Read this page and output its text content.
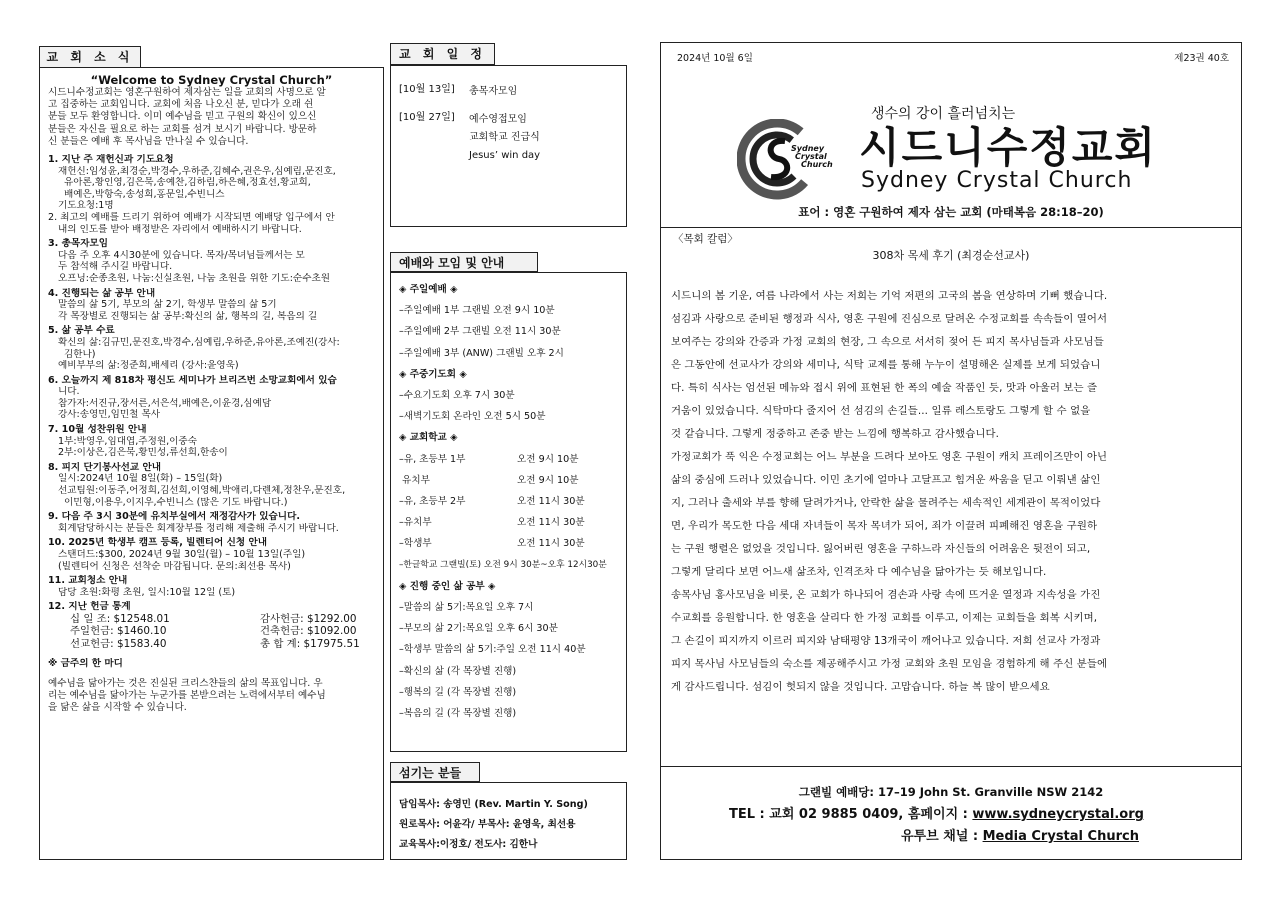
교 회 소 식
“Welcome to Sydney Crystal Church”
시드니수정교회는 영혼구원하여 제자삼는 일을 교회의 사명으로 알
고 집중하는 교회입니다. 교회에 처음 나오신 분, 믿다가 오래 쉰
분들 모두 환영합니다. 이미 예수님을 믿고 구원의 확신이 있으신
분들은 자신을 필요로 하는 교회를 섬겨 보시기 바랍니다. 방문하
신 분들은 예배 후 목사님을 만나실 수 있습니다.
1. 지난 주 재헌신과 기도요청
재헌신:임성윤,최경순,박경수,우하준,김혜수,권은우,심예림,문진호,
유아론,황인영,김은묵,송예찬,김하림,하은혜,정효선,황교희,
배예은,박항숙,송성희,홍문일,수빈니스
기도요청:1명
2. 최고의 예배를 드리기 위하여 예배가 시작되면 예배당 입구에서 안
내의 인도를 받아 배정받은 자리에서 예배하시기 바랍니다.
3. 총목자모임
다음 주 오후 4시30분에 있습니다. 목자/목녀님들께서는 모
두 참석해 주시길 바랍니다.
오프닝:순종초원, 나눔:신실초원, 나눔 초원을 위한 기도:순수초원
4. 진행되는 삶 공부 안내
말씀의 삶 5기, 부모의 삶 2기, 학생부 말씀의 삶 5기
각 목장별로 진행되는 삶 공부:확신의 삶, 행복의 길, 복음의 길
5. 삶 공부 수료
확신의 삶:김규민,문진호,박경수,심예림,우하준,유아론,조예진(강사:
김한나)
예비부부의 삶:정준희,배세리 (강사:윤영욱)
6. 오늘까지 제 818차 평신도 세미나가 브리즈번 소망교회에서 있습
니다.
참가자:서진규,장서른,서은석,배예은,이윤경,심예담
강사:송영민,임민철 목사
7. 10월 성찬위원 안내
1부:박영우,임대엽,주정원,이중숙
2부:이상은,김은묵,황민성,류선희,한송이
8. 피지 단기봉사선교 안내
일시:2024년 10월 8일(화) – 15일(화)
선교팀원:이동주,어정희,김선희,이영혜,박애리,다렌체,정찬우,문진호,
이민형,이용우,이지우,수빈니스 (많은 기도 바랍니다.)
9. 다음 주 3시 30분에 유치부실에서 재정감사가 있습니다.
회계담당하시는 분들은 회계장부를 정리해 제출해 주시기 바랍니다.
10. 2025년 학생부 캠프 등록, 빌렌티어 신청 안내
스탠더드:$300, 2024년 9월 30일(월) – 10월 13일(주일)
(빌렌티어 신청은 선착순 마감됩니다. 문의:최선용 목사)
11. 교회청소 안내
담당 초원:화평 초원, 일시:10월 12일 (토)
12. 지난 헌금 통계
십 일 조: $12548.01	감사헌금: $1292.00
주일헌금: $1460.10	건축헌금: $1092.00
선교헌금: $1583.40	총 합 계: $17975.51
※ 금주의 한 마디
예수님을 닮아가는 것은 진실된 크리스챤들의 삶의 목표입니다. 우
리는 예수님을 닮아가는 누군가를 본받으려는 노력에서부터 예수님
을 닮은 삶을 시작할 수 있습니다.
교 회 일 정
[10월 13일]	총목자모임
[10월 27일]	예수영접모임
교회학교 진급식
Jesus’ win day
예배와 모임 및 안내
◈ 주일예배 ◈
–주일예배 1부 그랜빌 오전 9시 10분
–주일예배 2부 그랜빌 오전 11시 30분
–주일예배 3부 (ANW) 그랜빌 오후 2시
◈ 주중기도회 ◈
–수요기도회 오후 7시 30분
–새벽기도회 온라인 오전 5시 50분
◈ 교회학교 ◈
–유, 초등부 1부	오전 9시 10분
유치부	오전 9시 10분
–유, 초등부 2부	오전 11시 30분
–유치부	오전 11시 30분
–학생부	오전 11시 30분
–한글학교 그랜빌(토) 오전 9시 30분~오후 12시30분
◈ 진행 중인 삶 공부 ◈
–말씀의 삶 5기:목요일 오후 7시
–부모의 삶 2기:목요일 오후 6시 30분
–학생부 말씀의 삶 5기:주일 오전 11시 40분
–확신의 삶 (각 목장별 진행)
–행복의 길 (각 목장별 진행)
–복음의 길 (각 목장별 진행)
섬기는 분들
담임목사: 송영민 (Rev. Martin Y. Song)
원로목사: 어윤각/ 부목사: 윤영욱, 최선용
교육목사:이정호/ 전도사: 김한나
2024년 10월 6일	제23권 40호
Sydney
Crystal
Church
생수의 강이 흘러넘치는
시드니수정교회
Sydney Crystal Church
표어 : 영혼 구원하여 제자 삼는 교회 (마태복음 28:18–20)
〈목회 칼럼〉
308차 목세 후기 (최경순선교사)
시드니의 봄 기운, 여름 나라에서 사는 저희는 기억 저편의 고국의 봄을 연상하며 기뻐 했습니다.
섬김과 사랑으로 준비된 행정과 식사, 영혼 구원에 진심으로 달려온 수정교회를 속속들이 열어서
보여주는 강의와 간증과 가정 교회의 현장, 그 속으로 서서히 젖어 든 피지 목사님들과 사모님들
은 그동안에 선교사가 강의와 세미나, 식탁 교제를 통해 누누이 설명해온 실제를 보게 되었습니
다. 특히 식사는 엄선된 메뉴와 접시 위에 표현된 한 폭의 예술 작품인 듯, 맛과 아울러 보는 즐
거움이 있었습니다. 식탁마다 줄지어 선 섬김의 손길들... 일류 레스토랑도 그렇게 할 수 없을
것 같습니다. 그렇게 정중하고 존중 받는 느낌에 행복하고 감사했습니다.
가정교회가 푹 익은 수정교회는 어느 부분을 드려다 보아도 영혼 구원이 캐치 프레이즈만이 아닌
삶의 중심에 드러나 있었습니다. 이민 초기에 얼마나 고달프고 힘겨운 싸움을 딛고 이뤄낸 삶인
지, 그러나 출세와 부를 향해 달려가거나, 안락한 삶을 물려주는 세속적인 세계관이 목적이었다
면, 우리가 목도한 다음 세대 자녀들이 목자 목녀가 되어, 죄가 이끌려 피폐해진 영혼을 구원하
는 구원 행렬은 없었을 것입니다. 잃어버린 영혼을 구하느라 자신들의 어려움은 뒷전이 되고,
그렇게 달리다 보면 어느새 삶조차, 인격조차 다 예수님을 닮아가는 듯 해보입니다.
송목사님 홍사모님을 비롯, 온 교회가 하나되어 겸손과 사랑 속에 뜨거운 열정과 지속성을 가진
수교회를 응원합니다. 한 영혼을 살리다 한 가정 교회를 이루고, 이제는 교회들을 회복 시키며,
그 손길이 피지까지 이르러 피지와 남태평양 13개국이 깨어나고 있습니다. 저희 선교사 가정과
피지 목사님 사모님들의 숙소를 제공해주시고 가정 교회와 초원 모임을 경험하게 해 주신 분들에
게 감사드립니다. 섬김이 헛되지 않을 것입니다. 고맙습니다. 하늘 복 많이 받으세요
그랜빌 예배당: 17–19 John St. Granville NSW 2142
TEL : 교회 02 9885 0409, 홈페이지 : www.sydneycrystal.org
유투브 채널 : Media Crystal Church
